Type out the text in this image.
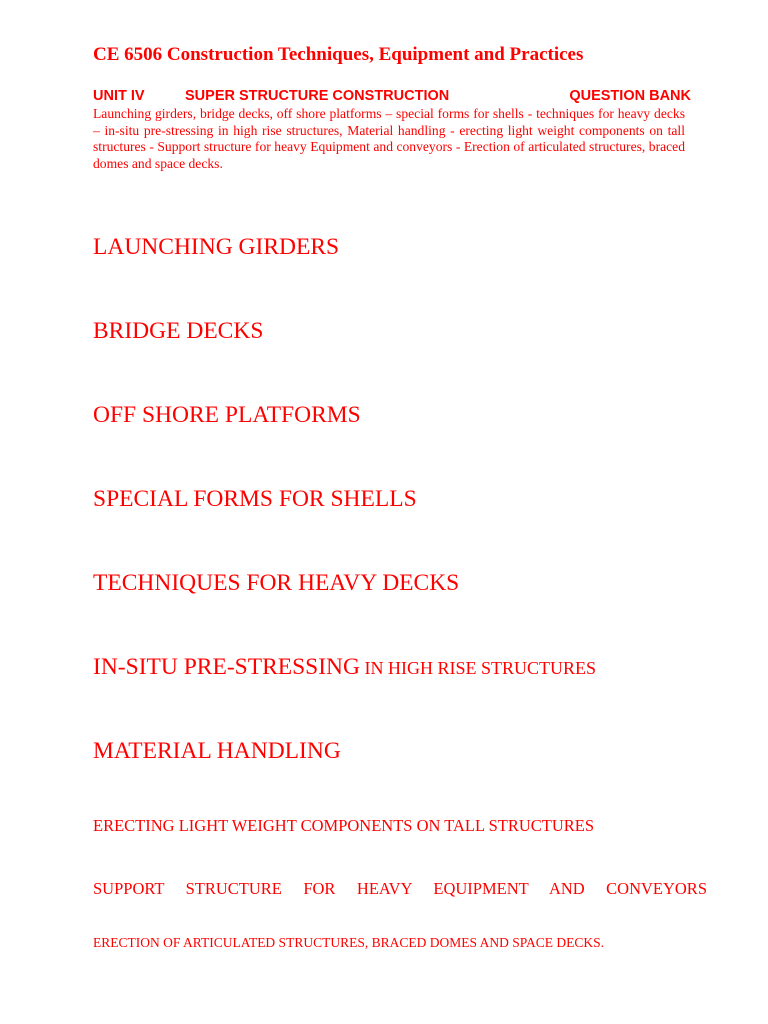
CE 6506 Construction Techniques, Equipment and Practices
UNIT IV	SUPER STRUCTURE CONSTRUCTION	QUESTION BANK
Launching girders, bridge decks, off shore platforms – special forms for shells - techniques for heavy decks – in-situ pre-stressing in high rise structures, Material handling - erecting light weight components on tall structures - Support structure for heavy Equipment and conveyors - Erection of articulated structures, braced domes and space decks.
LAUNCHING GIRDERS
BRIDGE DECKS
OFF SHORE PLATFORMS
SPECIAL FORMS FOR SHELLS
TECHNIQUES FOR HEAVY DECKS
IN-SITU PRE-STRESSING IN HIGH RISE STRUCTURES
MATERIAL HANDLING
ERECTING LIGHT WEIGHT COMPONENTS ON TALL STRUCTURES
SUPPORT STRUCTURE FOR HEAVY EQUIPMENT AND CONVEYORS
ERECTION OF ARTICULATED STRUCTURES, BRACED DOMES AND SPACE DECKS.
